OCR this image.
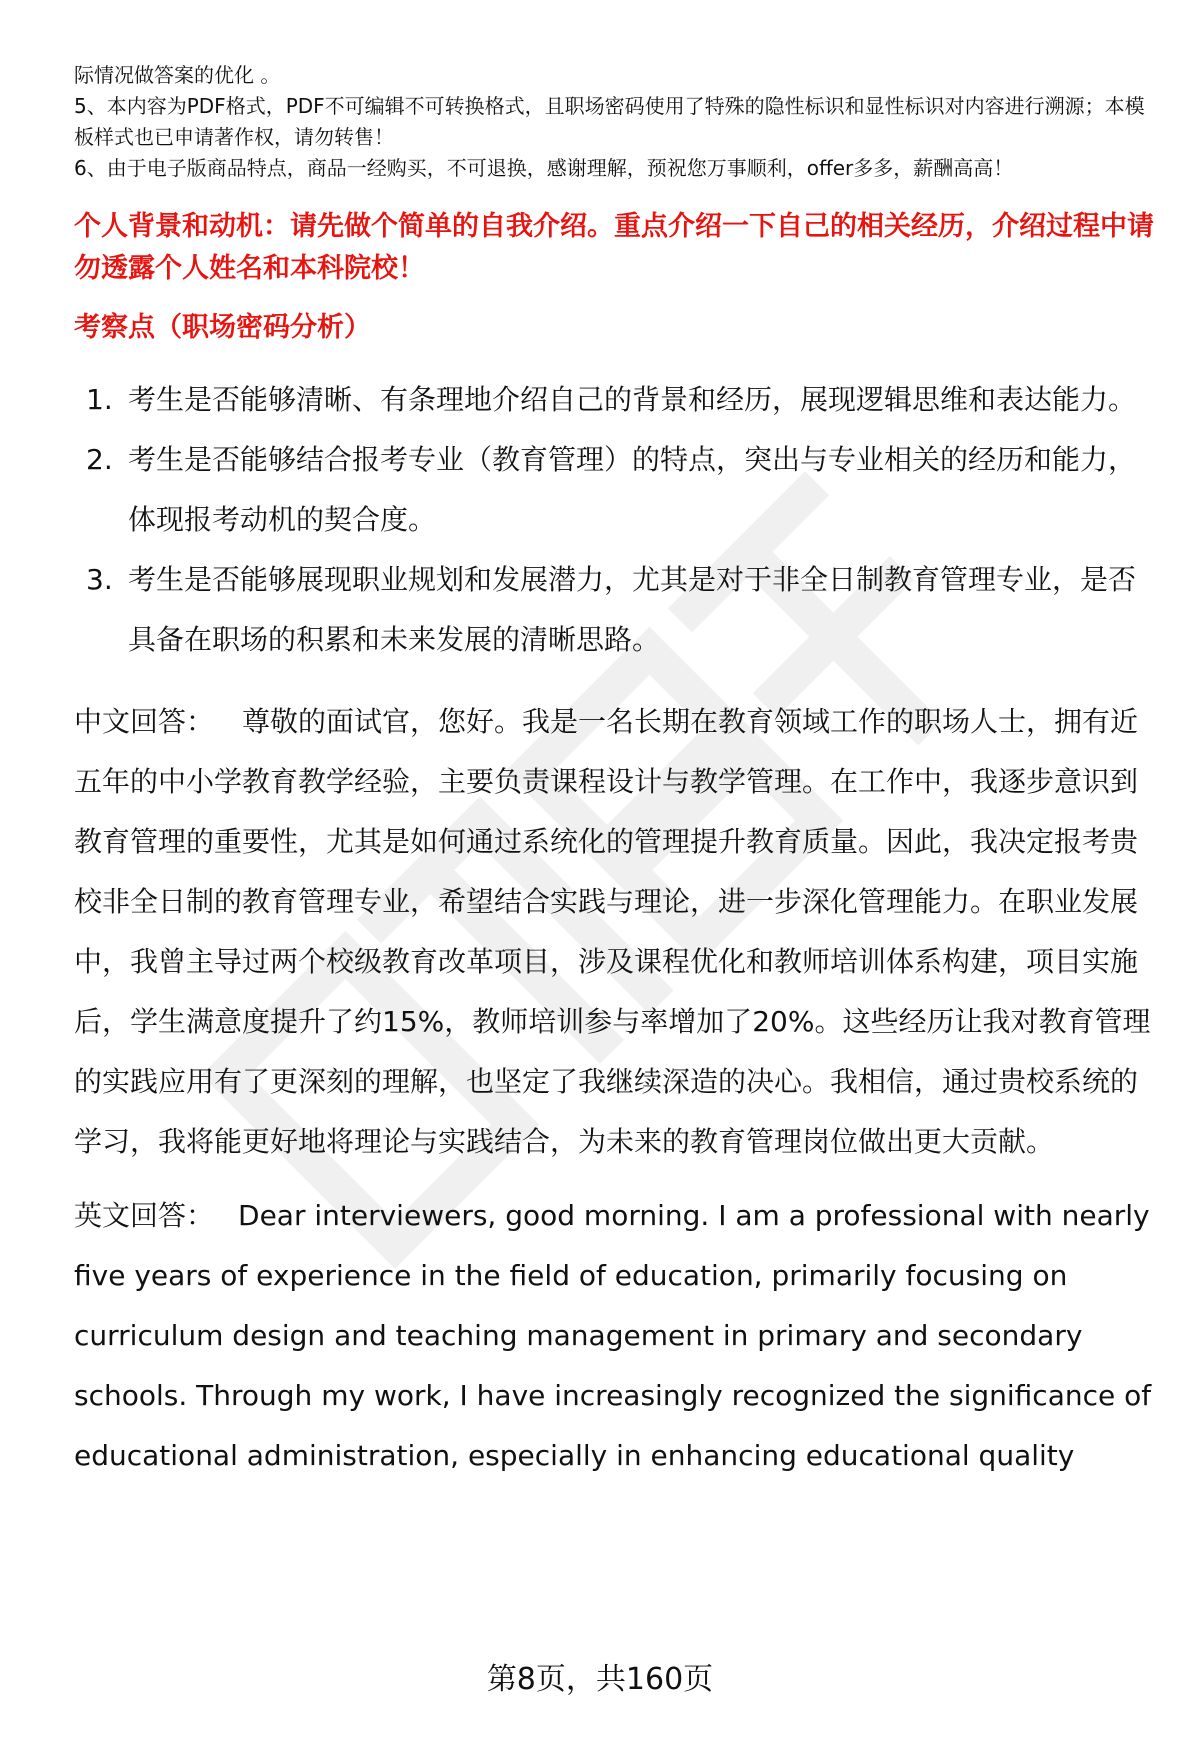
际情况做答案的优化 。

5、本内容为PDF格式，PDF不可编辑不可转换格式，且职场密码使用了特殊的隐性标识和显性标识对内容进行溯源；本模板样式也已申请著作权，请勿转售！

6、由于电子版商品特点，商品一经购买，不可退换，感谢理解，预祝您万事顺利，offer多多，薪酬高高！

个人背景和动机：请先做个简单的自我介绍。重点介绍一下自己的相关经历，介绍过程中请勿透露个人姓名和本科院校！
考察点（职场密码分析）
1. 考生是否能够清晰、有条理地介绍自己的背景和经历，展现逻辑思维和表达能力。
2. 考生是否能够结合报考专业（教育管理）的特点，突出与专业相关的经历和能力，体现报考动机的契合度。
3. 考生是否能够展现职业规划和发展潜力，尤其是对于非全日制教育管理专业，是否具备在职场的积累和未来发展的清晰思路。
中文回答： 尊敬的面试官，您好。我是一名长期在教育领域工作的职场人士，拥有近五年的中小学教育教学经验，主要负责课程设计与教学管理。在工作中，我逐步意识到教育管理的重要性，尤其是如何通过系统化的管理提升教育质量。因此，我决定报考贵校非全日制的教育管理专业，希望结合实践与理论，进一步深化管理能力。在职业发展中，我曾主导过两个校级教育改革项目，涉及课程优化和教师培训体系构建，项目实施后，学生满意度提升了约15%，教师培训参与率增加了20%。这些经历让我对教育管理的实践应用有了更深刻的理解，也坚定了我继续深造的决心。我相信，通过贵校系统的学习，我将能更好地将理论与实践结合，为未来的教育管理岗位做出更大贡献。
英文回答： Dear interviewers, good morning. I am a professional with nearly five years of experience in the field of education, primarily focusing on curriculum design and teaching management in primary and secondary schools. Through my work, I have increasingly recognized the significance of educational administration, especially in enhancing educational quality
第8页，共160页
